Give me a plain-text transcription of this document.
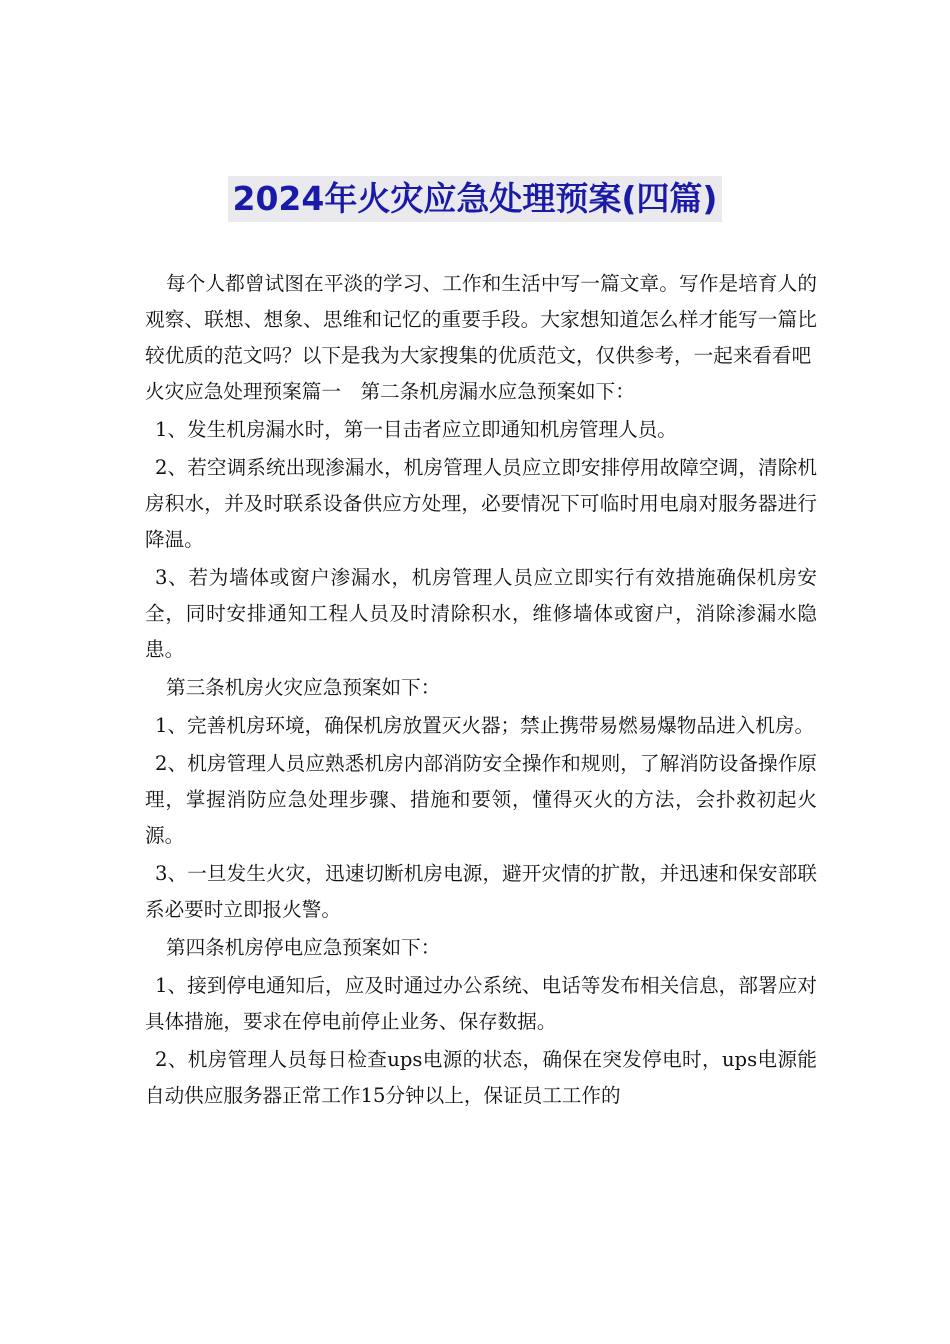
2024年火灾应急处理预案(四篇)

每个人都曾试图在平淡的学习、工作和生活中写一篇文章。写作是培育人的观察、联想、想象、思维和记忆的重要手段。大家想知道怎么样才能写一篇比较优质的范文吗？以下是我为大家搜集的优质范文，仅供参考，一起来看看吧

火灾应急处理预案篇一　第二条机房漏水应急预案如下：

1、发生机房漏水时，第一目击者应立即通知机房管理人员。

2、若空调系统出现渗漏水，机房管理人员应立即安排停用故障空调，清除机房积水，并及时联系设备供应方处理，必要情况下可临时用电扇对服务器进行降温。

3、若为墙体或窗户渗漏水，机房管理人员应立即实行有效措施确保机房安全，同时安排通知工程人员及时清除积水，维修墙体或窗户，消除渗漏水隐患。

第三条机房火灾应急预案如下：

1、完善机房环境，确保机房放置灭火器；禁止携带易燃易爆物品进入机房。

2、机房管理人员应熟悉机房内部消防安全操作和规则，了解消防设备操作原理，掌握消防应急处理步骤、措施和要领，懂得灭火的方法，会扑救初起火源。

3、一旦发生火灾，迅速切断机房电源，避开灾情的扩散，并迅速和保安部联系必要时立即报火警。

第四条机房停电应急预案如下：

1、接到停电通知后，应及时通过办公系统、电话等发布相关信息，部署应对具体措施，要求在停电前停止业务、保存数据。

2、机房管理人员每日检查ups电源的状态，确保在突发停电时，ups电源能自动供应服务器正常工作15分钟以上，保证员工工作的
